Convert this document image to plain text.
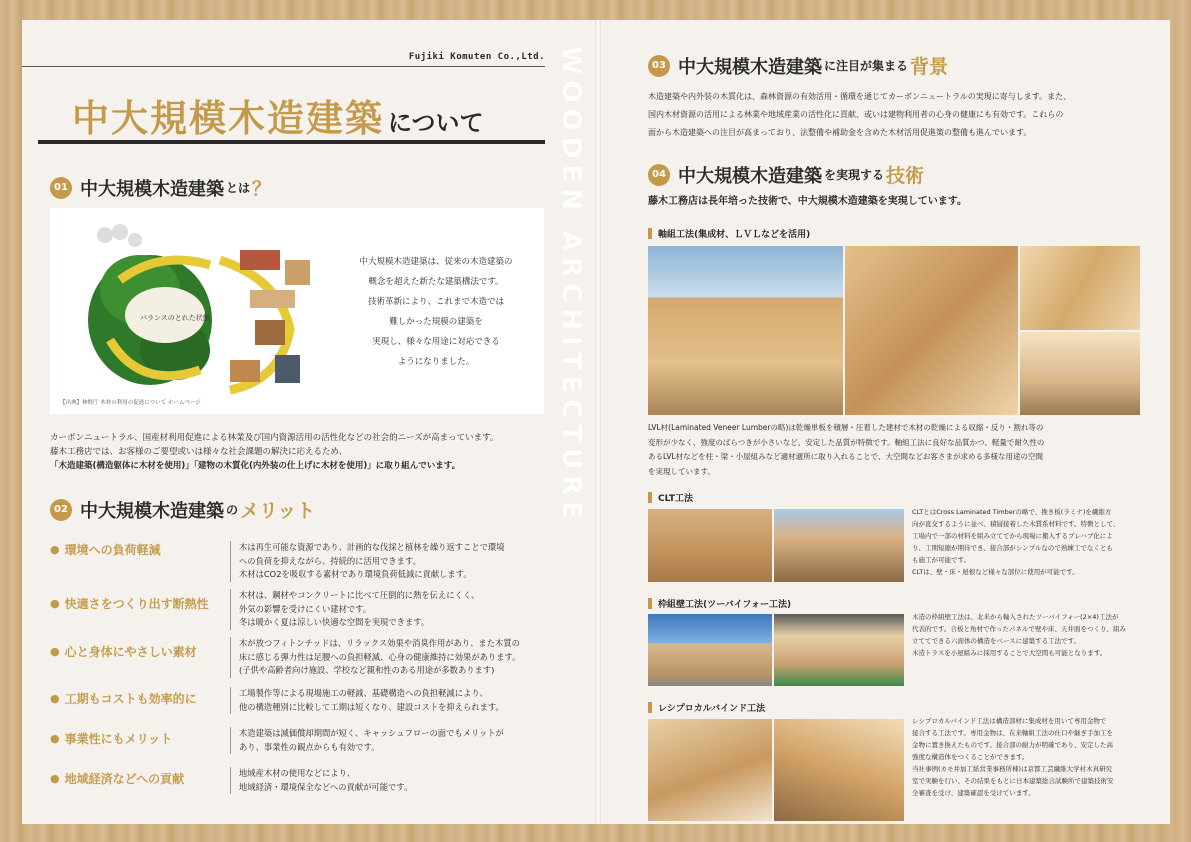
Fujiki Komuten Co.,Ltd.
中大規模木造建築 について	WOODEN ARCHITECTURE
01 中大規模木造建築 とは ？
バランスのとれた状態
【出典】林野庁 木材の利用の促進について ホームページ
中大規模木造建築は、従来の木造建築の
概念を超えた新たな建築構法です。
技術革新により、これまで木造では
難しかった規模の建築を
実現し、様々な用途に対応できる
ようになりました。
カーボンニュートラル、国産材利用促進による林業及び国内資源活用の活性化などの社会的ニーズが高まっています。
藤木工務店では、お客様のご要望或いは様々な社会課題の解決に応えるため、
「木造建築(構造躯体に木材を使用)」「建物の木質化(内外装の仕上げに木材を使用)」に取り組んでいます。
02 中大規模木造建築 の メリット
● 環境への負荷軽減	木は再生可能な資源であり、計画的な伐採と植林を繰り返すことで環境
への負荷を抑えながら、持続的に活用できます。
木材はCO2を吸収する素材であり環境負荷低減に貢献します。
● 快適さをつくり出す断熱性
木材は、鋼材やコンクリートに比べて圧倒的に熱を伝えにくく、
外気の影響を受けにくい建材です。
冬は暖かく夏は涼しい快適な空間を実現できます。
● 心と身体にやさしい素材
木が放つフィトンチッドは、リラックス効果や消臭作用があり、また木質の
床に感じる弾力性は足腰への負担軽減、心身の健康維持に効果があります。
(子供や高齢者向け施設、学校など親和性のある用途が多数あります)
● 工期もコストも効率的に	工場製作等による現場施工の軽減、基礎構造への負担軽減により、
他の構造種別に比較して工期は短くなり、建設コストを抑えられます。
● 事業性にもメリット	木造建築は減価償却期間が短く、キャッシュフローの面でもメリットが
あり、事業性の観点からも有効です。
● 地域経済などへの貢献	地域産木材の使用などにより、
地域経済・環境保全などへの貢献が可能です。
03 中大規模木造建築 に注目が集まる 背景
木造建築や内外装の木質化は、森林資源の有効活用・循環を通じてカーボンニュートラルの実現に寄与します。また、
国内木材資源の活用による林業や地域産業の活性化に貢献、或いは建物利用者の心身の健康にも有効です。これらの
面から木造建築への注目が高まっており、法整備や補助金を含めた木材活用促進策の整備も進んでいます。
04 中大規模木造建築 を実現する 技術
藤木工務店は長年培った技術で、中大規模木造建築を実現しています。
軸組工法(集成材、ＬＶＬなどを活用)
LVL材(Laminated Veneer Lumberの略)は乾燥単板を積層・圧着した建材で木材の乾燥による収縮・反り・割れ等の
変形が少なく、強度のばらつきが小さいなど、安定した品質が特徴です。軸組工法に良好な品質かつ、軽量で耐久性の
あるLVL材などを柱・梁・小屋組みなど適材適所に取り入れることで、大空間などお客さまが求める多様な用途の空間
を実現しています。
CLT工法
CLTとはCross Laminated Timberの略で、挽き板(ラミナ)を繊維方
向が直交するように並べ、積層接着した木質系材料です。特徴として、
工場内で一部の材料を組み立ててから現場に搬入するプレハブ化によ
り、工期短縮が期待でき、接合部がシンプルなので熟練工でなくとも
も施工が可能です。
CLTは、壁・床・屋根など様々な部位に使用が可能です。
枠組壁工法(ツーバイフォー工法)
木造の枠組壁工法は、北米から輸入されたツーバイフォー(2×4)工法が
代表的です。合板と角材で作ったパネルで壁や床、天井面をつくり、組み
立ててできる六面体の構造をベースに建築する工法です。
木造トラスを小屋組みに採用することで大空間も可能となります。
レシプロカルバインド工法
レシプロカルバインド工法は構造部材に集成材を用いて専用金物で
接合する工法です。専用金物は、在来軸組工法の仕口や継ぎ手加工を
金物に置き換えたものです。接合部の耐力が明確であり、安定した高
強度な構造体をつくることができます。
当社事例(カモ井加工紙営業事務所棟)は京都工芸繊維大学村木真研究
室で実験を行い、その結果をもとに日本建築総合試験所で建築技術安
全審査を受け、建築確認を受けています。
